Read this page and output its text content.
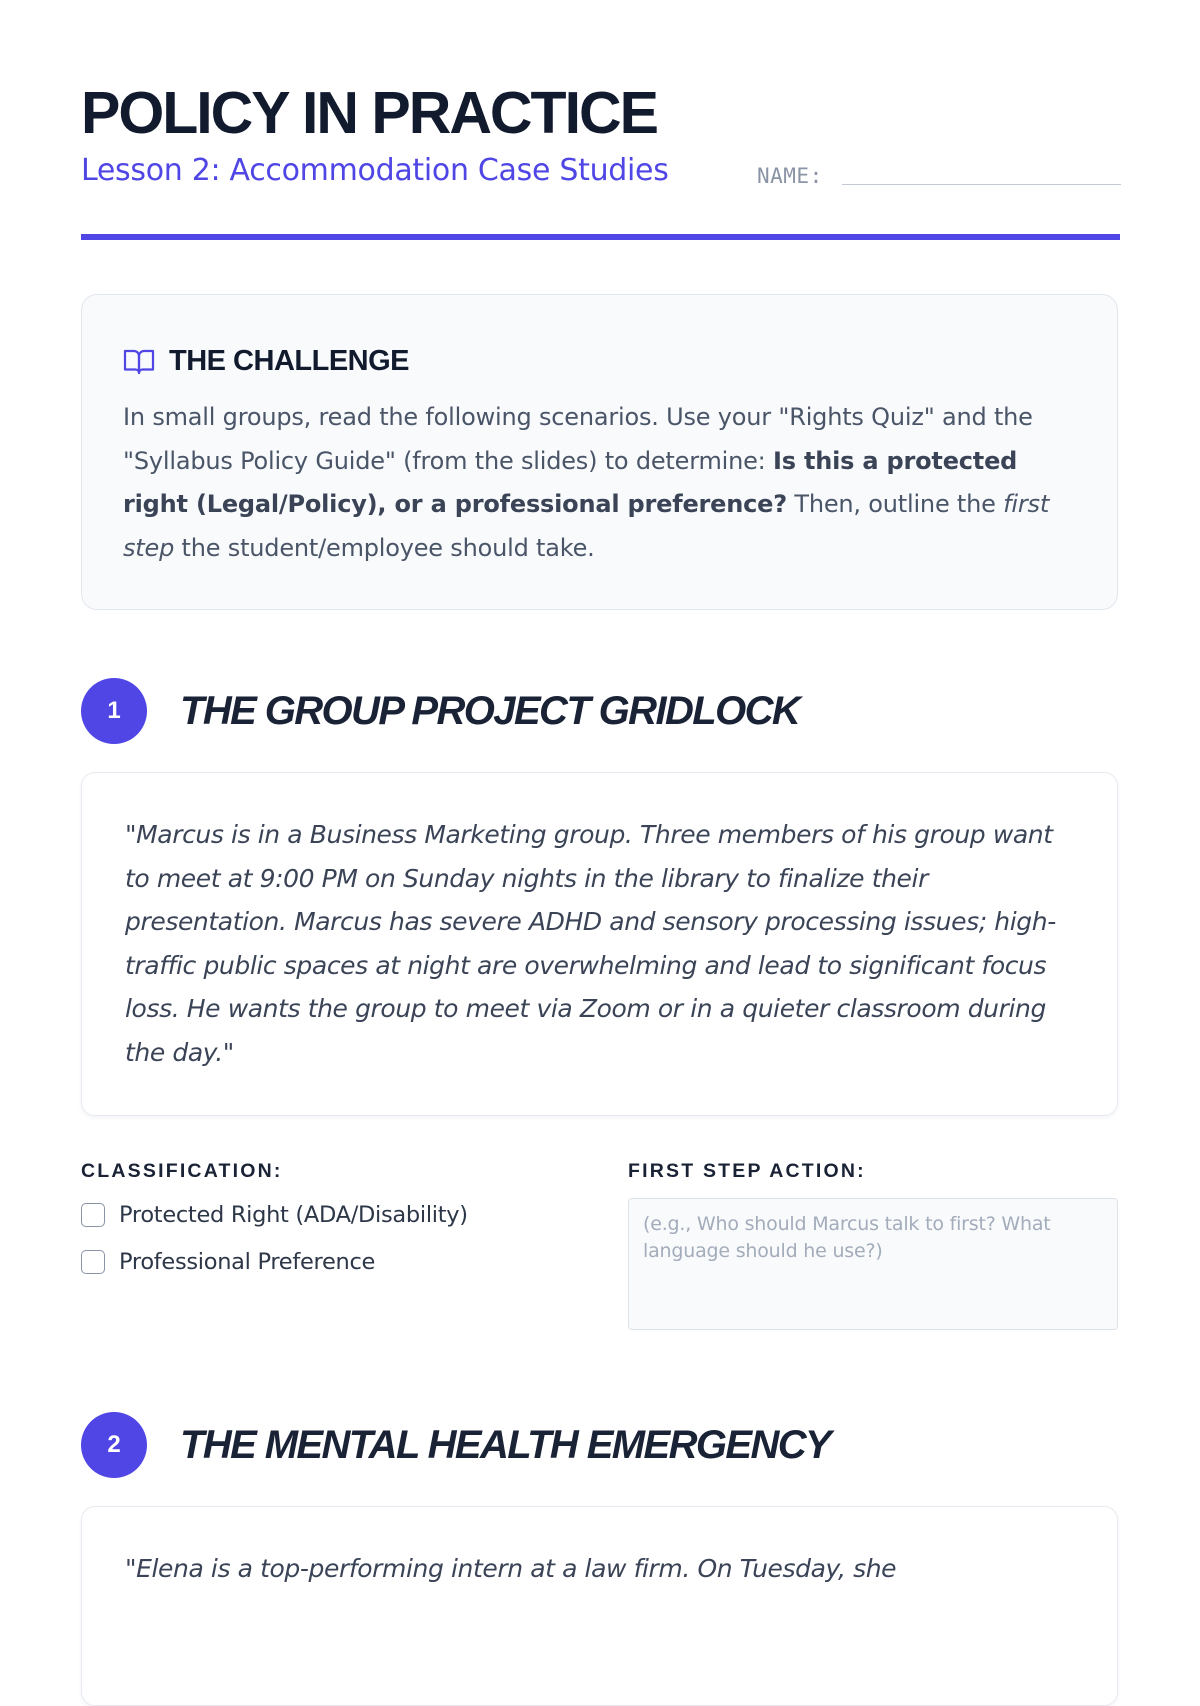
POLICY IN PRACTICE
Lesson 2: Accommodation Case Studies	NAME:
THE CHALLENGE

In small groups, read the following scenarios. Use your "Rights Quiz" and the "Syllabus Policy Guide" (from the slides) to determine: Is this a protected right (Legal/Policy), or a professional preference? Then, outline the first step the student/employee should take.

1	THE GROUP PROJECT GRIDLOCK

"Marcus is in a Business Marketing group. Three members of his group want to meet at 9:00 PM on Sunday nights in the library to finalize their presentation. Marcus has severe ADHD and sensory processing issues; high-traffic public spaces at night are overwhelming and lead to significant focus loss. He wants the group to meet via Zoom or in a quieter classroom during the day."

CLASSIFICATION:
Protected Right (ADA/Disability)
Professional Preference
FIRST STEP ACTION:
(e.g., Who should Marcus talk to first? What language should he use?)
2	THE MENTAL HEALTH EMERGENCY

"Elena is a top-performing intern at a law firm. On Tuesday, she
